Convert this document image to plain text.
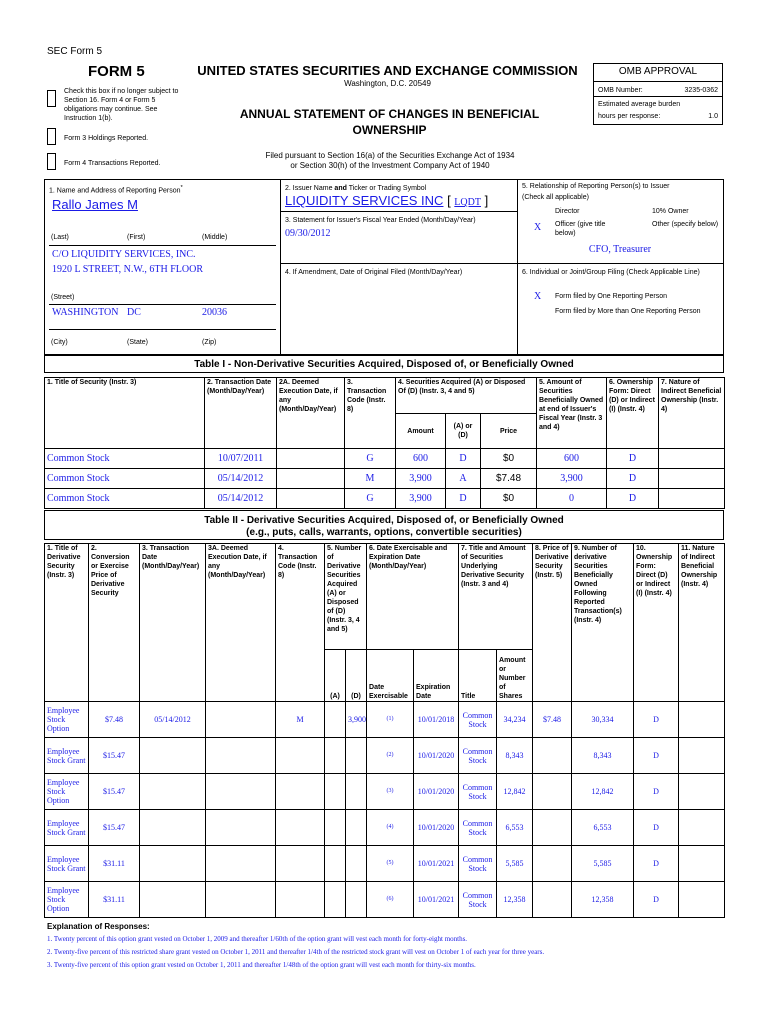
SEC Form 5
FORM 5	UNITED STATES SECURITIES AND EXCHANGE COMMISSION
Washington, D.C. 20549
Check this box if no longer subject to Section 16. Form 4 or Form 5 obligations may continue. See Instruction 1(b).	ANNUAL STATEMENT OF CHANGES IN BENEFICIAL OWNERSHIP
Form 3 Holdings Reported.
Form 4 Transactions Reported.
Filed pursuant to Section 16(a) of the Securities Exchange Act of 1934
or Section 30(h) of the Investment Company Act of 1940
OMB APPROVAL
OMB Number:	3235-0362
Estimated average burden
hours per response:	1.0
1. Name and Address of Reporting Person*
Rallo James M
(Last)	(First)	(Middle)
C/O LIQUIDITY SERVICES, INC.
1920 L STREET, N.W., 6TH FLOOR
(Street)
WASHINGTON DC	20036
(City)	(State)	(Zip)
2. Issuer Name and Ticker or Trading Symbol
LIQUIDITY SERVICES INC [ LQDT ]
3. Statement for Issuer's Fiscal Year Ended (Month/Day/Year)
09/30/2012
4. If Amendment, Date of Original Filed (Month/Day/Year)
5. Relationship of Reporting Person(s) to Issuer
(Check all applicable)
Director	10% Owner
X Officer (give title below)
Other (specify below)
CFO, Treasurer
6. Individual or Joint/Group Filing (Check Applicable Line)
X Form filed by One Reporting Person
Form filed by More than One Reporting Person
Table I - Non-Derivative Securities Acquired, Disposed of, or Beneficially Owned
1. Title of Security (Instr. 3)	2. Transaction Date (Month/Day/Year)	2A. Deemed Execution Date, if any (Month/Day/Year)	3. Transaction Code (Instr. 8)	4. Securities Acquired (A) or Disposed Of (D) (Instr. 3, 4 and 5)			5. Amount of Securities Beneficially Owned at end of Issuer's Fiscal Year (Instr. 3 and 4)	6. Ownership Form: Direct (D) or Indirect (I) (Instr. 4)	7. Nature of Indirect Beneficial Ownership (Instr. 4)
				Amount	(A) or (D)	Price			
Common Stock	10/07/2011		G	600	D	$0	600	D	
Common Stock	05/14/2012		M	3,900	A	$7.48	3,900	D	
Common Stock	05/14/2012		G	3,900	D	$0	0	D	
Table II - Derivative Securities Acquired, Disposed of, or Beneficially Owned
(e.g., puts, calls, warrants, options, convertible securities)
1. Title of Derivative Security (Instr. 3)	2. Conversion or Exercise Price of Derivative Security	3. Transaction Date (Month/Day/Year)	3A. Deemed Execution Date, if any (Month/Day/Year)	4. Transaction Code (Instr. 8)	5. Number of Derivative Securities Acquired (A) or Disposed of (D) (Instr. 3, 4 and 5)		6. Date Exercisable and Expiration Date (Month/Day/Year)		7. Title and Amount of Securities Underlying Derivative Security (Instr. 3 and 4)		8. Price of Derivative Security (Instr. 5)	9. Number of derivative Securities Beneficially Owned Following Reported Transaction(s) (Instr. 4)	10. Ownership Form: Direct (D) or Indirect (I) (Instr. 4)	11. Nature of Indirect Beneficial Ownership (Instr. 4)
					(A)	(D)	Date Exercisable	Expiration Date	Title	Amount or Number of Shares				
Employee Stock Option	$7.48	05/14/2012		M		3,900	(1)	10/01/2018	Common Stock	34,234	$7.48	30,334	D	
Employee Stock Grant	$15.47						(2)	10/01/2020	Common Stock	8,343		8,343	D	
Employee Stock Option	$15.47						(3)	10/01/2020	Common Stock	12,842		12,842	D	
Employee Stock Grant	$15.47						(4)	10/01/2020	Common Stock	6,553		6,553	D	
Employee Stock Grant	$31.11						(5)	10/01/2021	Common Stock	5,585		5,585	D	
Employee Stock Option	$31.11						(6)	10/01/2021	Common Stock	12,358		12,358	D	
Explanation of Responses:
1. Twenty percent of this option grant vested on October 1, 2009 and thereafter 1/60th of the option grant will vest each month for forty-eight months.
2. Twenty-five percent of this restricted share grant vested on October 1, 2011 and thereafter 1/4th of the restricted stock grant will vest on October 1 of each year for three years.
3. Twenty-five percent of this option grant vested on October 1, 2011 and thereafter 1/48th of the option grant will vest each month for thirty-six months.
